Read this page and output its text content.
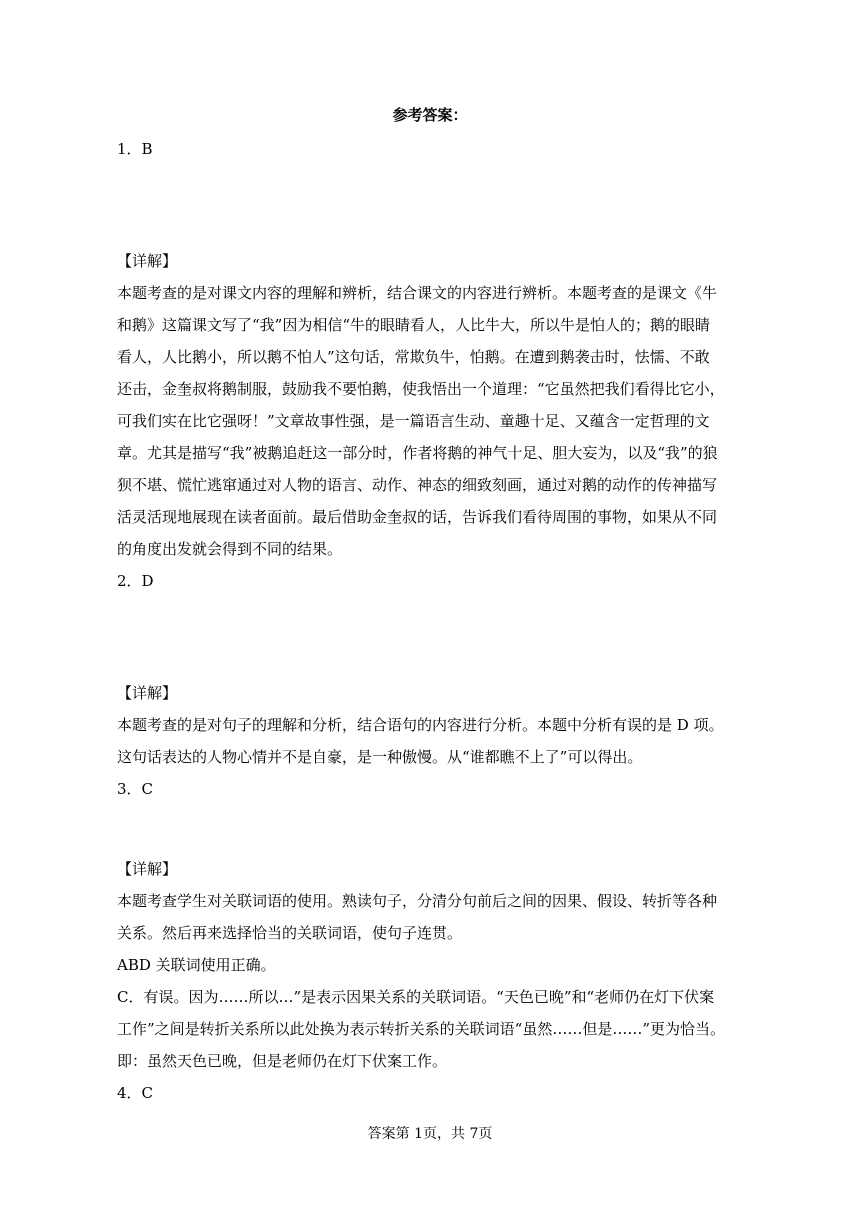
参考答案：
1．B
【详解】
本题考查的是对课文内容的理解和辨析，结合课文的内容进行辨析。本题考查的是课文《牛
和鹅》这篇课文写了“我”因为相信“牛的眼睛看人，人比牛大，所以牛是怕人的；鹅的眼睛
看人，人比鹅小，所以鹅不怕人”这句话，常欺负牛，怕鹅。在遭到鹅袭击时，怯懦、不敢
还击，金奎叔将鹅制服，鼓励我不要怕鹅，使我悟出一个道理：“它虽然把我们看得比它小，
可我们实在比它强呀！”文章故事性强，是一篇语言生动、童趣十足、又蕴含一定哲理的文
章。尤其是描写“我”被鹅追赶这一部分时，作者将鹅的神气十足、胆大妄为，以及“我”的狼
狈不堪、慌忙逃窜通过对人物的语言、动作、神态的细致刻画，通过对鹅的动作的传神描写
活灵活现地展现在读者面前。最后借助金奎叔的话，告诉我们看待周围的事物，如果从不同
的角度出发就会得到不同的结果。
2．D
【详解】
本题考查的是对句子的理解和分析，结合语句的内容进行分析。本题中分析有误的是 D 项。
这句话表达的人物心情并不是自豪，是一种傲慢。从“谁都瞧不上了”可以得出。
3．C
【详解】
本题考查学生对关联词语的使用。熟读句子，分清分句前后之间的因果、假设、转折等各种
关系。然后再来选择恰当的关联词语，使句子连贯。
ABD 关联词使用正确。
C．有误。因为……所以…”是表示因果关系的关联词语。“天色已晚”和“老师仍在灯下伏案
工作”之间是转折关系所以此处换为表示转折关系的关联词语“虽然……但是……”更为恰当。
即：虽然天色已晚，但是老师仍在灯下伏案工作。
4．C
答案第 1页，共 7页
